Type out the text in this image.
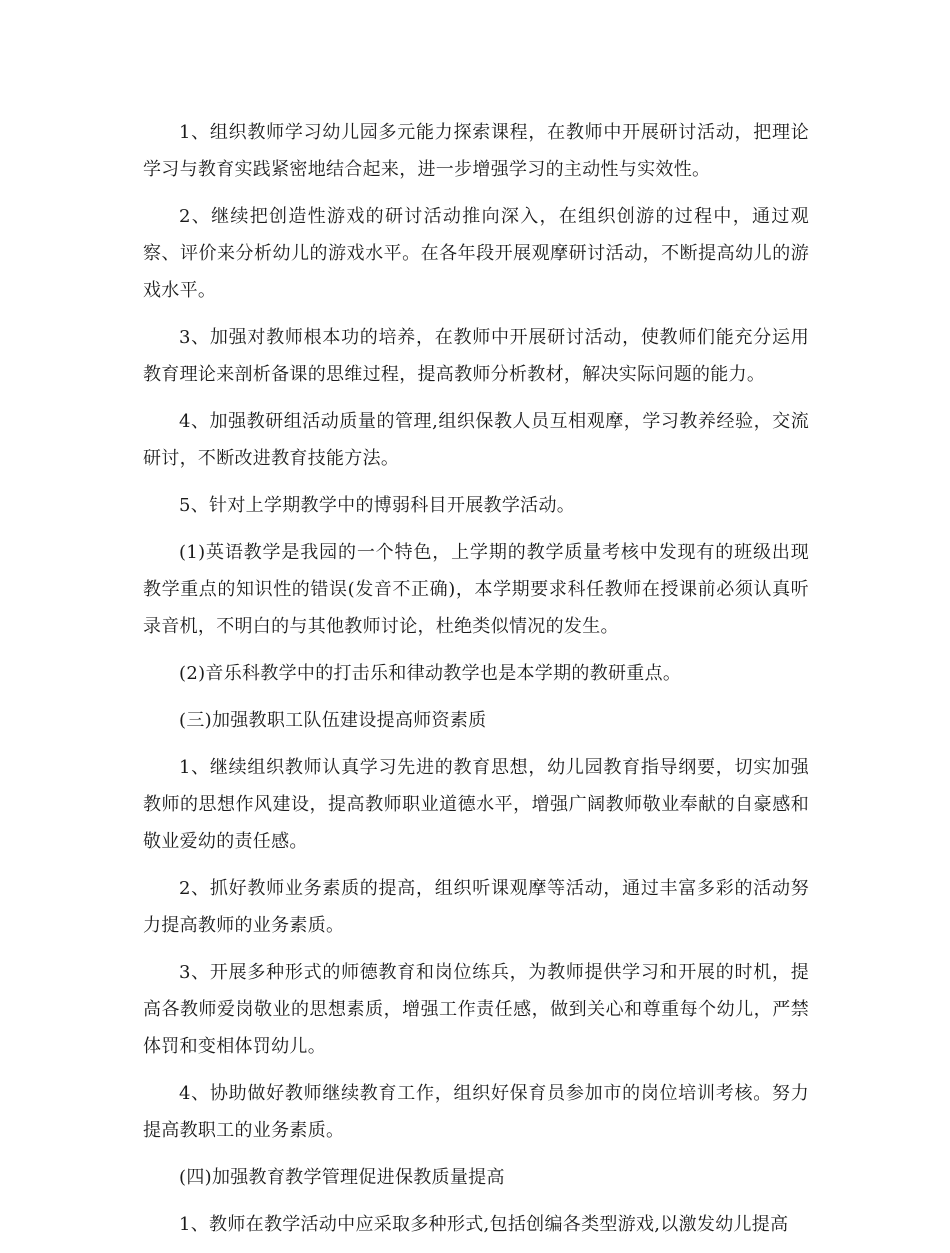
1、组织教师学习幼儿园多元能力探索课程，在教师中开展研讨活动，把理论学习与教育实践紧密地结合起来，进一步增强学习的主动性与实效性。

2、继续把创造性游戏的研讨活动推向深入，在组织创游的过程中，通过观察、评价来分析幼儿的游戏水平。在各年段开展观摩研讨活动，不断提高幼儿的游戏水平。

3、加强对教师根本功的培养，在教师中开展研讨活动，使教师们能充分运用教育理论来剖析备课的思维过程，提高教师分析教材，解决实际问题的能力。

4、加强教研组活动质量的管理,组织保教人员互相观摩，学习教养经验，交流研讨，不断改进教育技能方法。

5、针对上学期教学中的博弱科目开展教学活动。

(1)英语教学是我园的一个特色，上学期的教学质量考核中发现有的班级出现教学重点的知识性的错误(发音不正确)，本学期要求科任教师在授课前必须认真听录音机，不明白的与其他教师讨论，杜绝类似情况的发生。

(2)音乐科教学中的打击乐和律动教学也是本学期的教研重点。

(三)加强教职工队伍建设提高师资素质

1、继续组织教师认真学习先进的教育思想，幼儿园教育指导纲要，切实加强教师的思想作风建设，提高教师职业道德水平，增强广阔教师敬业奉献的自豪感和敬业爱幼的责任感。

2、抓好教师业务素质的提高，组织听课观摩等活动，通过丰富多彩的活动努力提高教师的业务素质。

3、开展多种形式的师德教育和岗位练兵，为教师提供学习和开展的时机，提高各教师爱岗敬业的思想素质，增强工作责任感，做到关心和尊重每个幼儿，严禁体罚和变相体罚幼儿。

4、协助做好教师继续教育工作，组织好保育员参加市的岗位培训考核。努力提高教职工的业务素质。

(四)加强教育教学管理促进保教质量提高

1、教师在教学活动中应采取多种形式,包括创编各类型游戏,以激发幼儿提高
